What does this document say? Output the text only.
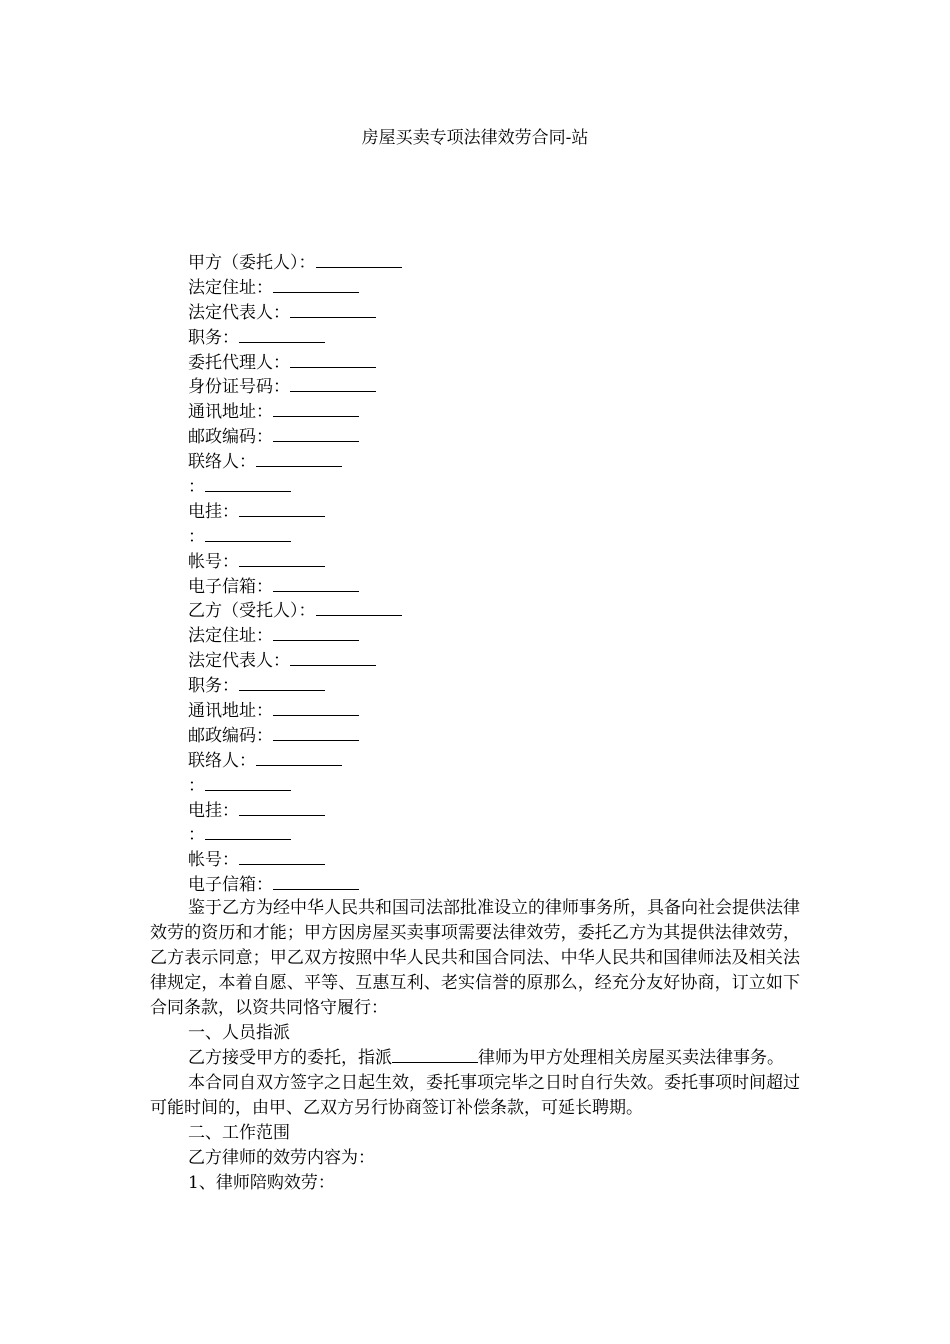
房屋买卖专项法律效劳合同-站
甲方（委托人）：
法定住址：
法定代表人：
职务：
委托代理人：
身份证号码：
通讯地址：
邮政编码：
联络人：
：
电挂：
：
帐号：
电子信箱：
乙方（受托人）：
法定住址：
法定代表人：
职务：
通讯地址：
邮政编码：
联络人：
：
电挂：
：
帐号：
电子信箱：

鉴于乙方为经中华人民共和国司法部批准设立的律师事务所，具备向社会提供法律效劳的资历和才能；甲方因房屋买卖事项需要法律效劳，委托乙方为其提供法律效劳，乙方表示同意；甲乙双方按照中华人民共和国合同法、中华人民共和国律师法及相关法律规定，本着自愿、平等、互惠互利、老实信誉的原那么，经充分友好协商，订立如下合同条款，以资共同恪守履行：

一、人员指派

乙方接受甲方的委托，指派	律师为甲方处理相关房屋买卖法律事务。

本合同自双方签字之日起生效，委托事项完毕之日时自行失效。委托事项时间超过可能时间的，由甲、乙双方另行协商签订补偿条款，可延长聘期。

二、工作范围

乙方律师的效劳内容为：

1、律师陪购效劳：
